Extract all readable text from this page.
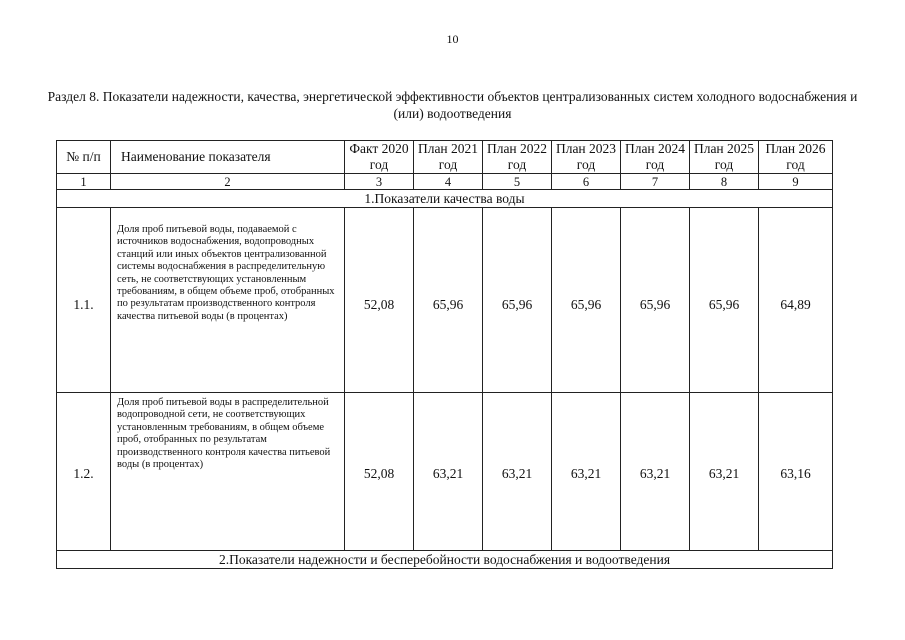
10
Раздел 8. Показатели надежности, качества, энергетической эффективности объектов централизованных систем холодного водоснабжения и (или) водоотведения
№ п/п	Наименование показателя	Факт 2020 год	План 2021 год	План 2022 год	План 2023 год	План 2024 год	План 2025 год	План 2026 год
1	2	3	4	5	6	7	8	9
1.Показатели качества воды								
1.1.	Доля проб питьевой воды, подаваемой с источников водоснабжения, водопроводных станций или иных объектов централизованной системы водоснабжения в распределительную сеть, не соответствующих установленным требованиям, в общем объеме проб, отобранных по результатам производственного контроля качества питьевой воды (в процентах)	52,08	65,96	65,96	65,96	65,96	65,96	64,89
1.2.	Доля проб питьевой воды в распределительной водопроводной сети, не соответствующих установленным требованиям, в общем объеме проб, отобранных по результатам производственного контроля качества питьевой воды (в процентах)	52,08	63,21	63,21	63,21	63,21	63,21	63,16
2.Показатели надежности и бесперебойности водоснабжения и водоотведения								
